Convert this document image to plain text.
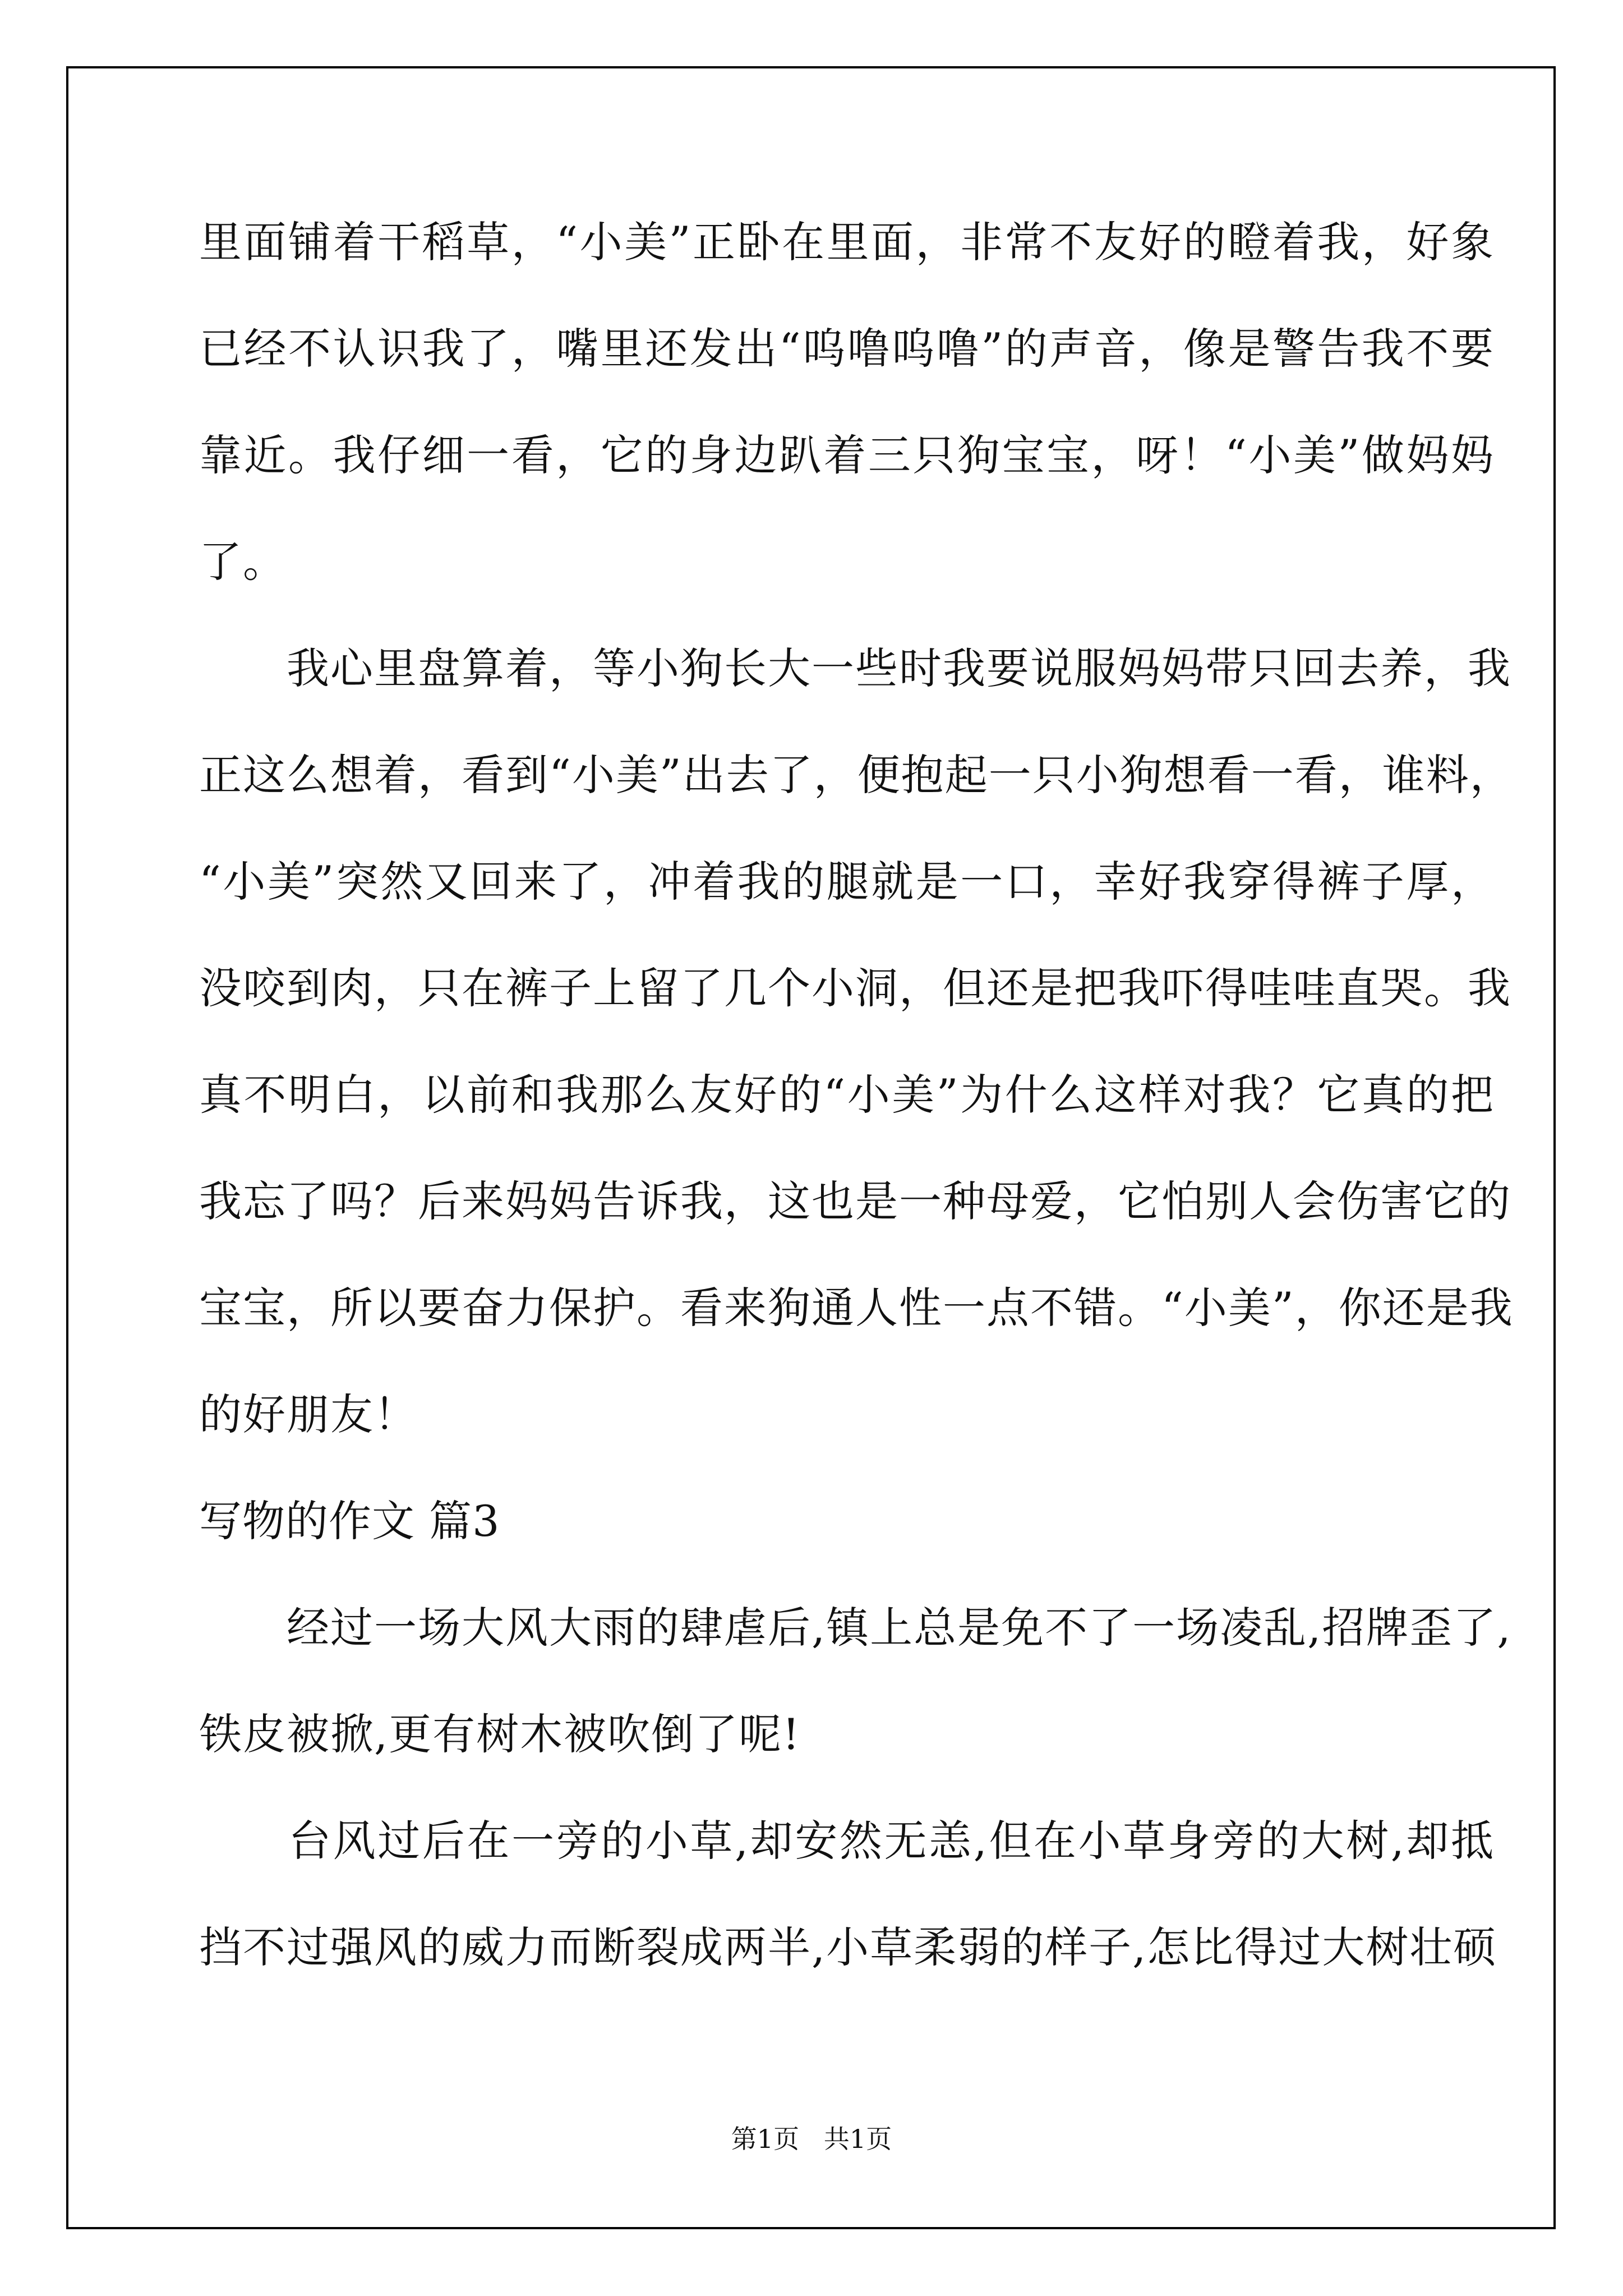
里面铺着干稻草，“小美”正卧在里面，非常不友好的瞪着我，好象
已经不认识我了，嘴里还发出“呜噜呜噜”的声音，像是警告我不要
靠近。我仔细一看，它的身边趴着三只狗宝宝，呀！“小美”做妈妈
了。
　　我心里盘算着，等小狗长大一些时我要说服妈妈带只回去养，我
正这么想着，看到“小美”出去了，便抱起一只小狗想看一看，谁料，
“小美”突然又回来了，冲着我的腿就是一口，幸好我穿得裤子厚，
没咬到肉，只在裤子上留了几个小洞，但还是把我吓得哇哇直哭。我
真不明白，以前和我那么友好的“小美”为什么这样对我？它真的把
我忘了吗？后来妈妈告诉我，这也是一种母爱，它怕别人会伤害它的
宝宝，所以要奋力保护。看来狗通人性一点不错。“小美”，你还是我
的好朋友！
写物的作文 篇3
　　经过一场大风大雨的肆虐后,镇上总是免不了一场凌乱,招牌歪了,
铁皮被掀,更有树木被吹倒了呢!
　　台风过后在一旁的小草,却安然无恙,但在小草身旁的大树,却抵
挡不过强风的威力而断裂成两半,小草柔弱的样子,怎比得过大树壮硕
第1页   共1页
